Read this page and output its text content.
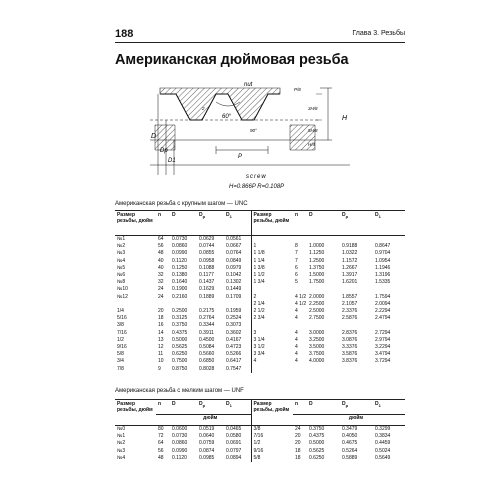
188	Глава 3. Резьбы
Американская дюймовая резьба
nut
screw
60°
P
H
D
Dp
D1
P/8
3H/8
5H/8
H/4
2
90°
H=0.866P R=0.108P
Американская резьба с крупным шагом — UNC
Размер резьбы, дюйм	n	D	$D_p$	$D_1$	Размер резьбы, дюйм	n	D	$D_p$	$D_1$
№1	64	0.0730	0.0629	0.0561					
№2	56	0.0860	0.0744	0.0667	1	8	1.0000	0.9188	0.8647
№3	48	0.0990	0.0855	0.0764	1 1/8	7	1.1250	1.0322	0.9704
№4	40	0.1120	0.0958	0.0849	1 1/4	7	1.2500	1.1572	1.0954
№5	40	0.1250	0.1088	0.0979	1 3/8	6	1.3750	1.2667	1.1946
№6	32	0.1380	0.1177	0.1042	1 1/2	6	1.5000	1.3917	1.3196
№8	32	0.1640	0.1437	0.1302	1 3/4	5	1.7500	1.6201	1.5335
№10	24	0.1900	0.1629	0.1449					
№12	24	0.2160	0.1889	0.1709	2	4 1/2	2.0000	1.8557	1.7594
					2 1/4	4 1/2	2.2500	2.1057	2.0094
1/4	20	0.2500	0.2175	0.1959	2 1/2	4	2.5000	2.3376	2.2294
5/16	18	0.3125	0.2764	0.2524	2 3/4	4	2.7500	2.5876	2.4794
3/8	16	0.3750	0.3344	0.3073					
7/16	14	0.4375	0.3911	0.3602	3	4	3.0000	2.8376	2.7294
1/2	13	0.5000	0.4500	0.4167	3 1/4	4	3.2500	3.0876	2.9794
9/16	12	0.5625	0.5084	0.4723	3 1/2	4	3.5000	3.3376	3.2294
5/8	11	0.6250	0.5660	0.5266	3 3/4	4	3.7500	3.5876	3.4794
3/4	10	0.7500	0.6850	0.6417	4	4	4.0000	3.8376	3.7294
7/8	9	0.8750	0.8028	0.7547					
Американская резьба с мелким шагом — UNF
Размер резьбы, дюйм	n	D	$D_p$	$D_1$	Размер резьбы, дюйм	n	D	$D_p$	$D_1$
		дюйм					дюйм		
№0	80	0.0600	0.0519	0.0465	3/8	24	0.3750	0.3479	0.3299
№1	72	0.0730	0.0640	0.0580	7/16	20	0.4375	0.4050	0.3834
№2	64	0.0860	0.0759	0.0691	1/2	20	0.5000	0.4675	0.4459
№3	56	0.0990	0.0874	0.0797	9/16	18	0.5625	0.5264	0.5024
№4	48	0.1120	0.0985	0.0894	5/8	18	0.6250	0.5889	0.5649
